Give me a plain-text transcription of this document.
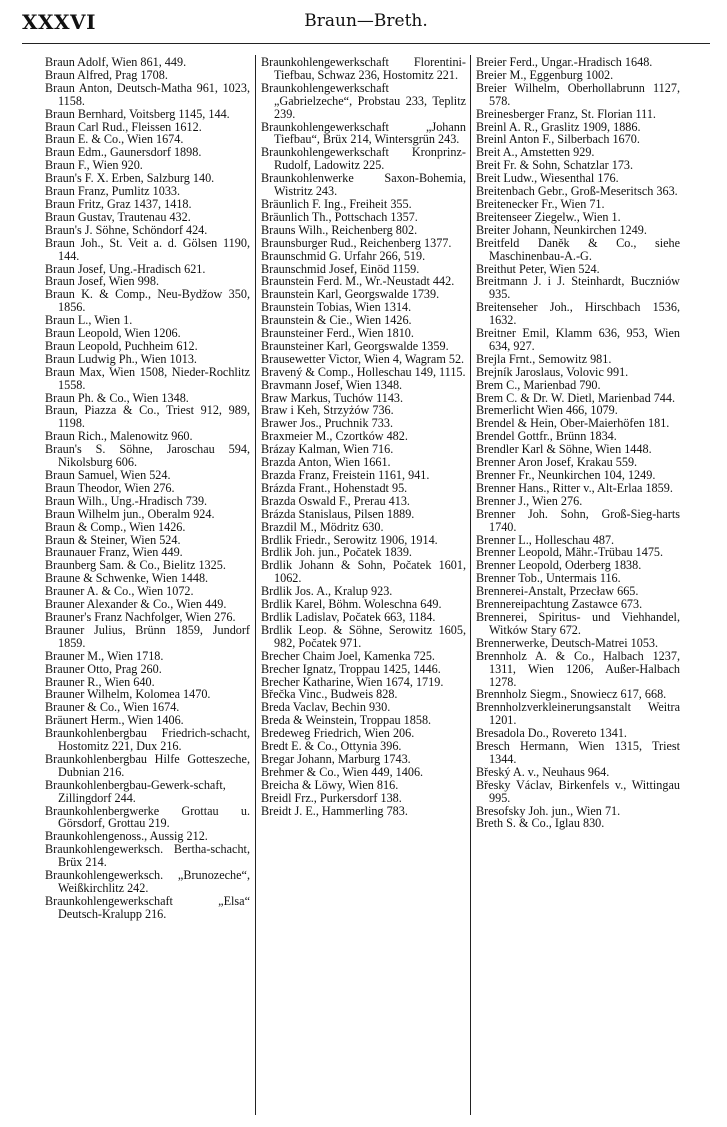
XXXVI	Braun—Breth.

Braun Adolf, Wien 861, 449.

Braun Alfred, Prag 1708.

Braun Anton, Deutsch-Matha 961, 1023, 1158.

Braun Bernhard, Voitsberg 1145, 144.

Braun Carl Rud., Fleissen 1612.

Braun E. & Co., Wien 1674.

Braun Edm., Gaunersdorf 1898.

Braun F., Wien 920.

Braun's F. X. Erben, Salzburg 140.

Braun Franz, Pumlitz 1033.

Braun Fritz, Graz 1437, 1418.

Braun Gustav, Trautenau 432.

Braun's J. Söhne, Schöndorf 424.

Braun Joh., St. Veit a. d. Gölsen 1190, 144.

Braun Josef, Ung.-Hradisch 621.

Braun Josef, Wien 998.

Braun K. & Comp., Neu-Bydžow 350, 1856.

Braun L., Wien 1.

Braun Leopold, Wien 1206.

Braun Leopold, Puchheim 612.

Braun Ludwig Ph., Wien 1013.

Braun Max, Wien 1508, Nieder-Rochlitz 1558.

Braun Ph. & Co., Wien 1348.

Braun, Piazza & Co., Triest 912, 989, 1198.

Braun Rich., Malenowitz 960.

Braun's S. Söhne, Jaroschau 594, Nikolsburg 606.

Braun Samuel, Wien 524.

Braun Theodor, Wien 276.

Braun Wilh., Ung.-Hradisch 739.

Braun Wilhelm jun., Oberalm 924.

Braun & Comp., Wien 1426.

Braun & Steiner, Wien 524.

Braunauer Franz, Wien 449.

Braunberg Sam. & Co., Bielitz 1325.

Braune & Schwenke, Wien 1448.

Brauner A. & Co., Wien 1072.

Brauner Alexander & Co., Wien 449.

Brauner's Franz Nachfolger, Wien 276.

Brauner Julius, Brünn 1859, Jundorf 1859.

Brauner M., Wien 1718.

Brauner Otto, Prag 260.

Brauner R., Wien 640.

Brauner Wilhelm, Kolomea 1470.

Brauner & Co., Wien 1674.

Bräunert Herm., Wien 1406.

Braunkohlenbergbau Friedrich-schacht, Hostomitz 221, Dux 216.

Braunkohlenbergbau Hilfe Gotteszeche, Dubnian 216.

Braunkohlenbergbau-Gewerk-schaft, Zillingdorf 244.

Braunkohlenbergwerke Grottau u. Görsdorf, Grottau 219.

Braunkohlengenoss., Aussig 212.

Braunkohlengewerksch. Bertha-schacht, Brüx 214.

Braunkohlengewerksch. „Brunozeche“, Weißkirchlitz 242.

Braunkohlengewerkschaft „Elsa“ Deutsch-Kralupp 216.

Braunkohlengewerkschaft Florentini-Tiefbau, Schwaz 236, Hostomitz 221.

Braunkohlengewerkschaft „Gabrielzeche“, Probstau 233, Teplitz 239.

Braunkohlengewerkschaft „Johann Tiefbau“, Brüx 214, Wintersgrün 243.

Braunkohlengewerkschaft Kronprinz-Rudolf, Ladowitz 225.

Braunkohlenwerke Saxon-Bohemia, Wistritz 243.

Bräunlich F. Ing., Freiheit 355.

Bräunlich Th., Pottschach 1357.

Brauns Wilh., Reichenberg 802.

Braunsburger Rud., Reichenberg 1377.

Braunschmid G. Urfahr 266, 519.

Braunschmid Josef, Einöd 1159.

Braunstein Ferd. M., Wr.-Neustadt 442.

Braunstein Karl, Georgswalde 1739.

Braunstein Tobias, Wien 1314.

Braunstein & Cie., Wien 1426.

Braunsteiner Ferd., Wien 1810.

Braunsteiner Karl, Georgswalde 1359.

Brausewetter Victor, Wien 4, Wagram 52.

Bravený & Comp., Holleschau 149, 1115.

Bravmann Josef, Wien 1348.

Braw Markus, Tuchów 1143.

Braw i Keh, Strzyżów 736.

Brawer Jos., Pruchnik 733.

Braxmeier M., Czortków 482.

Brázay Kalman, Wien 716.

Brazda Anton, Wien 1661.

Brazda Franz, Freistein 1161, 941.

Brázda Frant., Hohenstadt 95.

Brazda Oswald F., Prerau 413.

Brázda Stanislaus, Pilsen 1889.

Brazdil M., Mödritz 630.

Brdlik Friedr., Serowitz 1906, 1914.

Brdlik Joh. jun., Počatek 1839.

Brdlik Johann & Sohn, Počatek 1601, 1062.

Brdlik Jos. A., Kralup 923.

Brdlik Karel, Böhm. Woleschna 649.

Brdlik Ladislav, Počatek 663, 1184.

Brdlik Leop. & Söhne, Serowitz 1605, 982, Počatek 971.

Brecher Chaim Joel, Kamenka 725.

Brecher Ignatz, Troppau 1425, 1446.

Brecher Katharine, Wien 1674, 1719.

Břečka Vinc., Budweis 828.

Breda Vaclav, Bechin 930.

Breda & Weinstein, Troppau 1858.

Bredeweg Friedrich, Wien 206.

Bredt E. & Co., Ottynia 396.

Bregar Johann, Marburg 1743.

Brehmer & Co., Wien 449, 1406.

Breicha & Löwy, Wien 816.

Breidl Frz., Purkersdorf 138.

Breidt J. E., Hammerling 783.

Breier Ferd., Ungar.-Hradisch 1648.

Breier M., Eggenburg 1002.

Breier Wilhelm, Oberhollabrunn 1127, 578.

Breinesberger Franz, St. Florian 111.

Breinl A. R., Graslitz 1909, 1886.

Breinl Anton F., Silberbach 1670.

Breit A., Amstetten 929.

Breit Fr. & Sohn, Schatzlar 173.

Breit Ludw., Wiesenthal 176.

Breitenbach Gebr., Groß-Meseritsch 363.

Breitenecker Fr., Wien 71.

Breitenseer Ziegelw., Wien 1.

Breiter Johann, Neunkirchen 1249.

Breitfeld Daněk & Co., siehe Maschinenbau-A.-G.

Breithut Peter, Wien 524.

Breitmann J. i J. Steinhardt, Buczniów 935.

Breitenseher Joh., Hirschbach 1536, 1632.

Breitner Emil, Klamm 636, 953, Wien 634, 927.

Brejla Frnt., Semowitz 981.

Brejník Jaroslaus, Volovic 991.

Brem C., Marienbad 790.

Brem C. & Dr. W. Dietl, Marienbad 744.

Bremerlicht Wien 466, 1079.

Brendel & Hein, Ober-Maierhöfen 181.

Brendel Gottfr., Brünn 1834.

Brendler Karl & Söhne, Wien 1448.

Brenner Aron Josef, Krakau 559.

Brenner Fr., Neunkirchen 104, 1249.

Brenner Hans., Ritter v., Alt-Erlaa 1859.

Brenner J., Wien 276.

Brenner Joh. Sohn, Groß-Sieg-harts 1740.

Brenner L., Holleschau 487.

Brenner Leopold, Mähr.-Trübau 1475.

Brenner Leopold, Oderberg 1838.

Brenner Tob., Untermais 116.

Brennerei-Anstalt, Przecław 665.

Brennereipachtung Zastawce 673.

Brennerei, Spiritus- und Viehhandel, Witków Stary 672.

Brennerwerke, Deutsch-Matrei 1053.

Brennholz A. & Co., Halbach 1237, 1311, Wien 1206, Außer-Halbach 1278.

Brennholz Siegm., Snowiecz 617, 668.

Brennholzverkleinerungsanstalt Weitra 1201.

Bresadola Do., Rovereto 1341.

Bresch Hermann, Wien 1315, Triest 1344.

Břeský A. v., Neuhaus 964.

Břesky Václav, Birkenfels v., Wittingau 995.

Bresofsky Joh. jun., Wien 71.

Breth S. & Co., Iglau 830.
